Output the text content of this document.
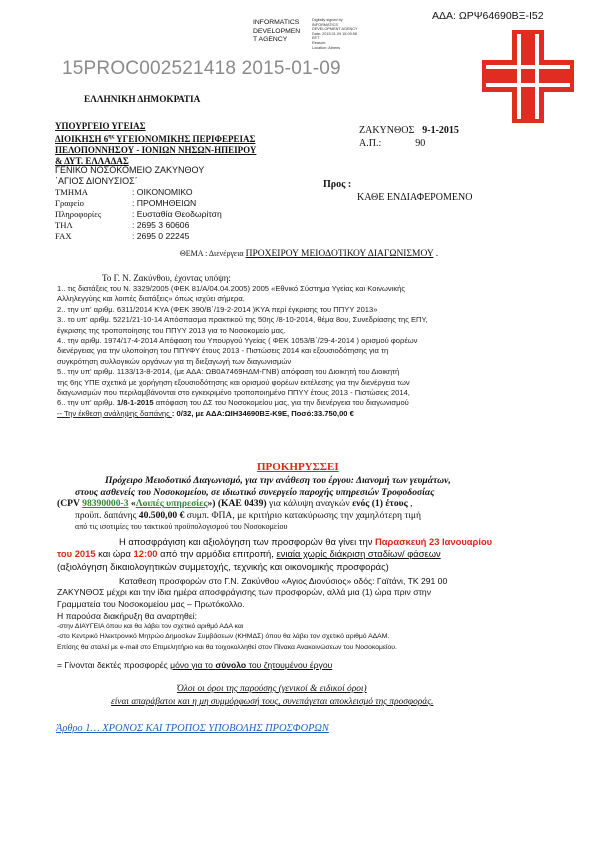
ΑΔΑ: ΩΡΨ64690ΒΞ-Ι52
INFORMATICS
DEVELOPMEN
T AGENCY
Digitally signed by
INFORMATICS
DEVELOPMENT AGENCY
Date: 2015.01.09 15:09:58
EET
Reason:
Location: Athens
15PROC002521418 2015-01-09
ΕΛΛΗΝΙΚΗ ΔΗΜΟΚΡΑΤΙΑ
ΥΠΟΥΡΓΕΙΟ ΥΓΕΙΑΣ
ΔΙΟΙΚΗΣΗ $6^{\eta\varsigma}$ ΥΓΕΙΟΝΟΜΙΚΗΣ ΠΕΡΙΦΕΡΕΙΑΣ
ΠΕΛΟΠΟΝΝΗΣΟΥ - ΙΟΝΙΩΝ ΝΗΣΩΝ-ΗΠΕΙΡΟΥ
& ΔΥΤ. ΕΛΛΑΔΑΣ
ΓΕΝΙΚΟ ΝΟΣΟΚΟΜΕΙΟ ΖΑΚΥΝΘΟΥ
΄ΑΓΙΟΣ ΔΙΟΝΥΣΙΟΣ΄
ΤΜΗΜΑ	: ΟΙΚΟΝΟΜΙΚΟ
Γραφείο	: ΠΡΟΜΗΘΕΙΩΝ
Πληροφορίες	: Ευσταθία Θεοδωρίτση
ΤΗΛ	: 2695 3 60606
FAX	: 2695 0 22245
ΖΑΚΥΝΘΟΣ 9-1-2015
Α.Π.:	90
Προς :
ΚΑΘΕ ΕΝΔΙΑΦΕΡΟΜΕΝΟ
ΘΕΜΑ : Διενέργεια ΠΡΟΧΕΙΡΟΥ ΜΕΙΟΔΟΤΙΚΟΥ ΔΙΑΓΩΝΙΣΜΟΥ .
Το Γ. Ν. Ζακύνθου, έχοντας υπόψη:
1.. τις διατάξεις του Ν. 3329/2005 (ΦΕΚ 81/Α/04.04.2005) 2005 «Εθνικό Σύστημα Υγείας και Κοινωνικής
Αλληλεγγύης και λοιπές διατάξεις» όπως ισχύει σήμερα.
2.. την υπ' αριθμ. 6311/2014 ΚΥΑ (ΦΕΚ 390/Β΄/19-2-2014 )ΚΥΑ περί έγκρισης του ΠΠΥΥ 2013»
3.. το υπ' αριθμ. 5221/21-10-14 Απόσπασμα πρακτικού της 50ης /8-10-2014, θέμα 8ου, Συνεδρίασης της ΕΠΥ,
έγκρισης της τροποποίησης του ΠΠΥΥ 2013 για το Νοσοκομείο μας.
4.. την αριθμ. 1974/17-4-2014 Απόφαση του Υπουργού Υγείας ( ΦΕΚ 1053/Β΄/29-4-2014 ) ορισμού φορέων
διενέργειας για την υλοποίηση του ΠΠΥΦΥ έτους 2013 - Πιστώσεις 2014 και εξουσιοδότησης για τη
συγκρότηση συλλογικών οργάνων για τη διεξαγωγή των διαγωνισμών
5.. την υπ' αριθμ. 1133/13-8-2014, (με ΑΔΑ: ΩΒ0Α7469ΗΔΜ-ΓΝΒ) απόφαση του Διοικητή του Διοικητή
της 6ης ΥΠΕ σχετικά με χορήγηση εξουσιοδότησης και ορισμού φορέων εκτέλεσης για την διενέργεια των
διαγωνισμών που περιλαμβάνονται στο εγκεκριμένο τροποποιημένο ΠΠΥΥ έτους 2013 - Πιστώσεις 2014,
6.. την υπ' αριθμ. 1/8-1-2015 απόφαση του ΔΣ του Νοσοκομείου μας, για την διενέργεια του διαγωνισμού
-- Την έκθεση ανάληψης δαπάνης : 0/32, με ΑΔΑ:ΩΙΗ34690ΒΞ-Κ9Ε, Ποσό:33.750,00 €
ΠΡΟΚΗΡΥΣΣΕΙ
Πρόχειρο Μειοδοτικό Διαγωνισμό, για την ανάθεση του έργου: Διανομή των γευμάτων,
στους ασθενείς του Νοσοκομείου, σε ιδιωτικό συνεργείο παροχής υπηρεσιών Τροφοδοσίας
(CPV 98390000-3 «Λοιπές υπηρεσίες») (ΚΑΕ 0439) για κάλυψη αναγκών ενός (1) έτους ,
προϋπ. δαπάνης 40.500,00 € συμπ. ΦΠΑ, με κριτήριο κατακύρωσης την χαμηλότερη τιμή
από τις ισοτιμίες του τακτικού προϋπολογισμού του Νοσοκομείου
Η αποσφράγιση και αξιολόγηση των προσφορών θα γίνει την Παρασκευή 23 Ιανουαρίου
του 2015 και ώρα 12:00 από την αρμόδια επιτροπή, ενιαία χωρίς διάκριση σταδίων/ φάσεων
(αξιολόγηση δικαιολογητικών συμμετοχής, τεχνικής και οικονομικής προσφοράς)
Καταθεση προσφορών στο Γ.Ν. Ζακύνθου «Αγιος Διονύσιος» οδός: Γαϊτάνι, ΤΚ 291 00
ΖΑΚΥΝΘΟΣ μέχρι και την ίδια ημέρα αποσφράγισης των προσφορών, αλλά μια (1) ώρα πριν στην
Γραμματεία του Νοσοκομείου μας – Πρωτόκολλο.
Η παρούσα διακήρυξη θα αναρτηθεί:
-στην ΔΙΑΥΓΕΙΑ όπου και θα λάβει τον σχετικό αριθμό ΑΔΑ και
-στο Κεντρικό Ηλεκτρονικό Μητρώο Δημοσίων Συμβάσεων (ΚΗΜΔΣ) όπου θα λάβει τον σχετικό αριθμό ΑΔΑΜ.
Επίσης θα σταλεί με e-mail στο Επιμελητήριο και θα τοιχοκολληθεί στον Πίνακα Ανακοινώσεων του Νοσοκομείου.
= Γίνονται δεκτές προσφορές μόνο για το σύνολο του ζητουμένου έργου
Όλοι οι όροι της παρούσης (γενικοί & ειδικοί όροι)
είναι απαράβατοι και η μη συμμόρφωσή τους, συνεπάγεται αποκλεισμό της προσφοράς.
Άρθρο 1… ΧΡΟΝΟΣ ΚΑΙ ΤΡΟΠΟΣ ΥΠΟΒΟΛΗΣ ΠΡΟΣΦΟΡΩΝ
